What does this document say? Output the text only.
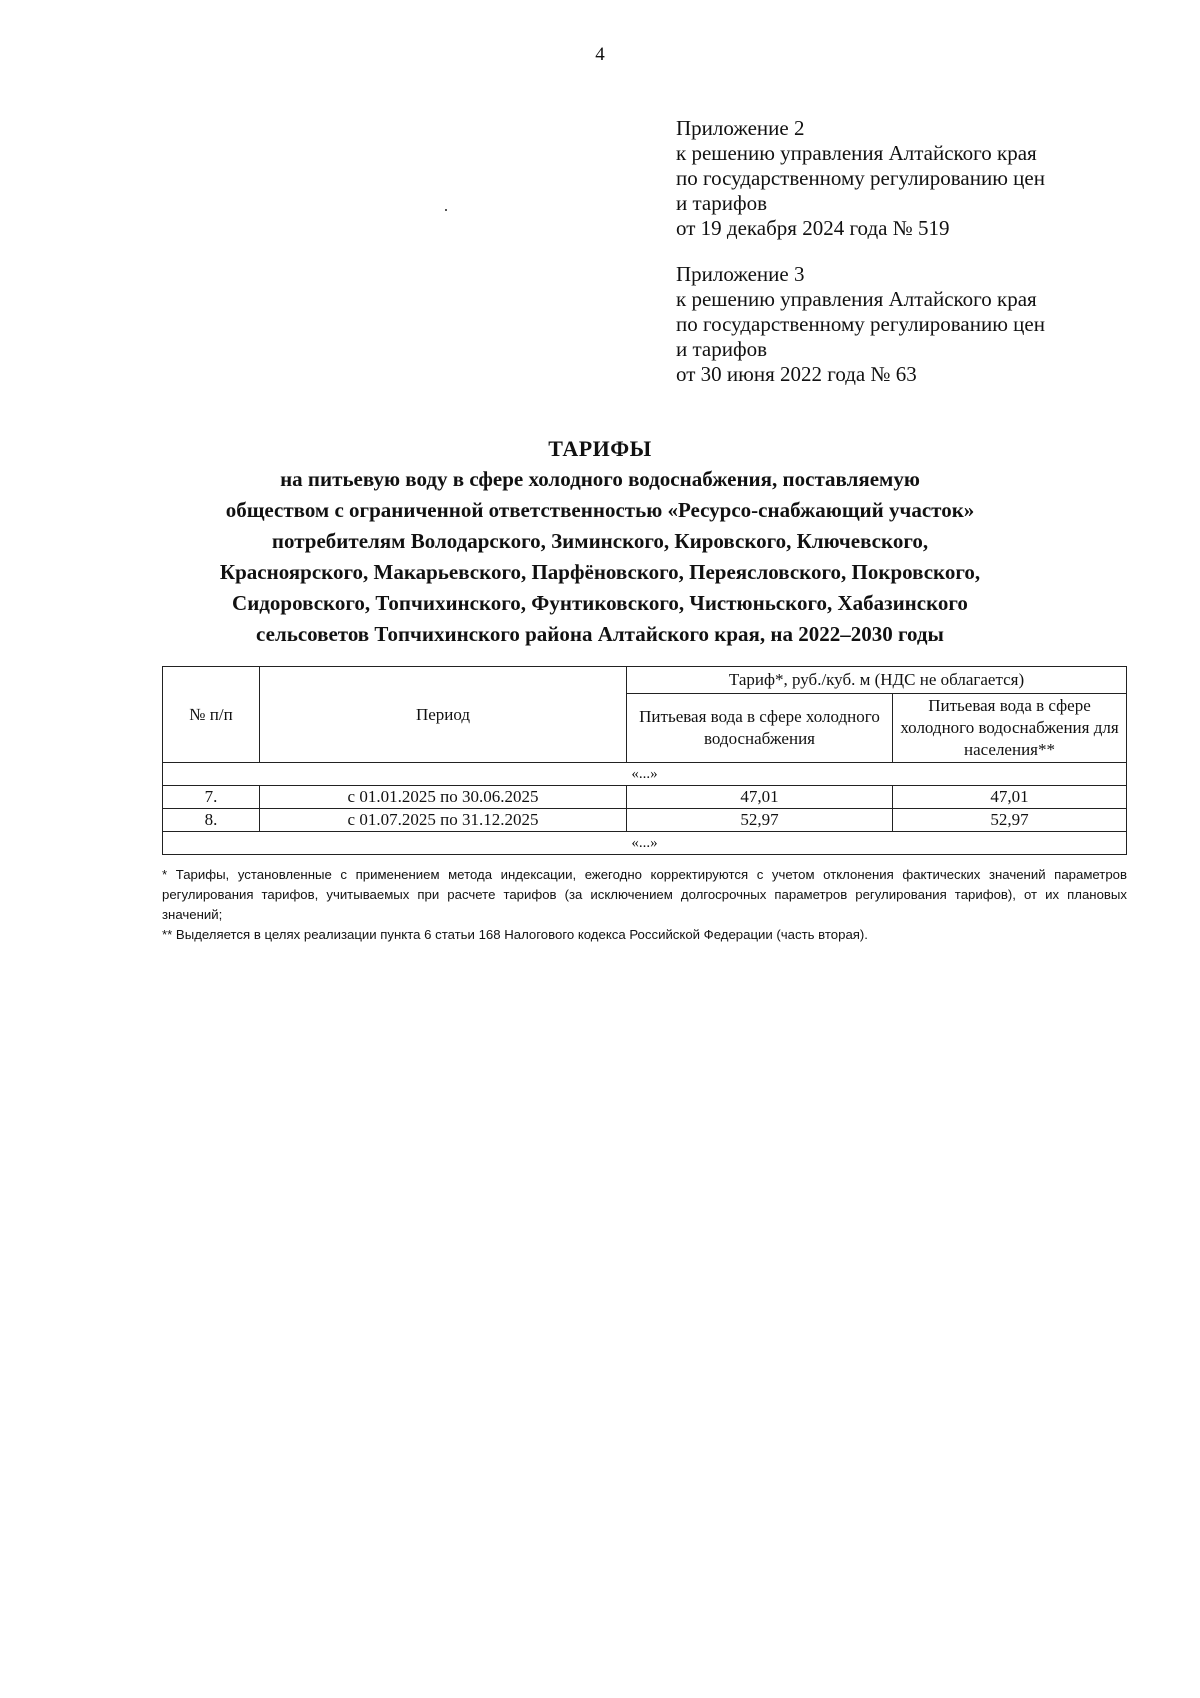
4
Приложение 2
к решению управления Алтайского края
по государственному регулированию цен
и тарифов
от 19 декабря 2024 года № 519
Приложение 3
к решению управления Алтайского края
по государственному регулированию цен
и тарифов
от 30 июня 2022 года № 63
ТАРИФЫ
на питьевую воду в сфере холодного водоснабжения, поставляемую
обществом с ограниченной ответственностью «Ресурсо-снабжающий участок»
потребителям Володарского, Зиминского, Кировского, Ключевского,
Красноярского, Макарьевского, Парфёновского, Переясловского, Покровского,
Сидоровского, Топчихинского, Фунтиковского, Чистюньского, Хабазинского
сельсоветов Топчихинского района Алтайского края, на 2022–2030 годы
№ п/п	Период	Тариф*, руб./куб. м (НДС не облагается)	
		Питьевая вода в сфере холодного водоснабжения	Питьевая вода в сфере холодного водоснабжения для населения**
«...»			
7.	с 01.01.2025 по 30.06.2025	47,01	47,01
8.	с 01.07.2025 по 31.12.2025	52,97	52,97
«...»			

* Тарифы, установленные с применением метода индексации, ежегодно корректируются с учетом отклонения фактических значений параметров регулирования тарифов, учитываемых при расчете тарифов (за исключением долгосрочных параметров регулирования тарифов), от их плановых значений;

** Выделяется в целях реализации пункта 6 статьи 168 Налогового кодекса Российской Федерации (часть вторая).
